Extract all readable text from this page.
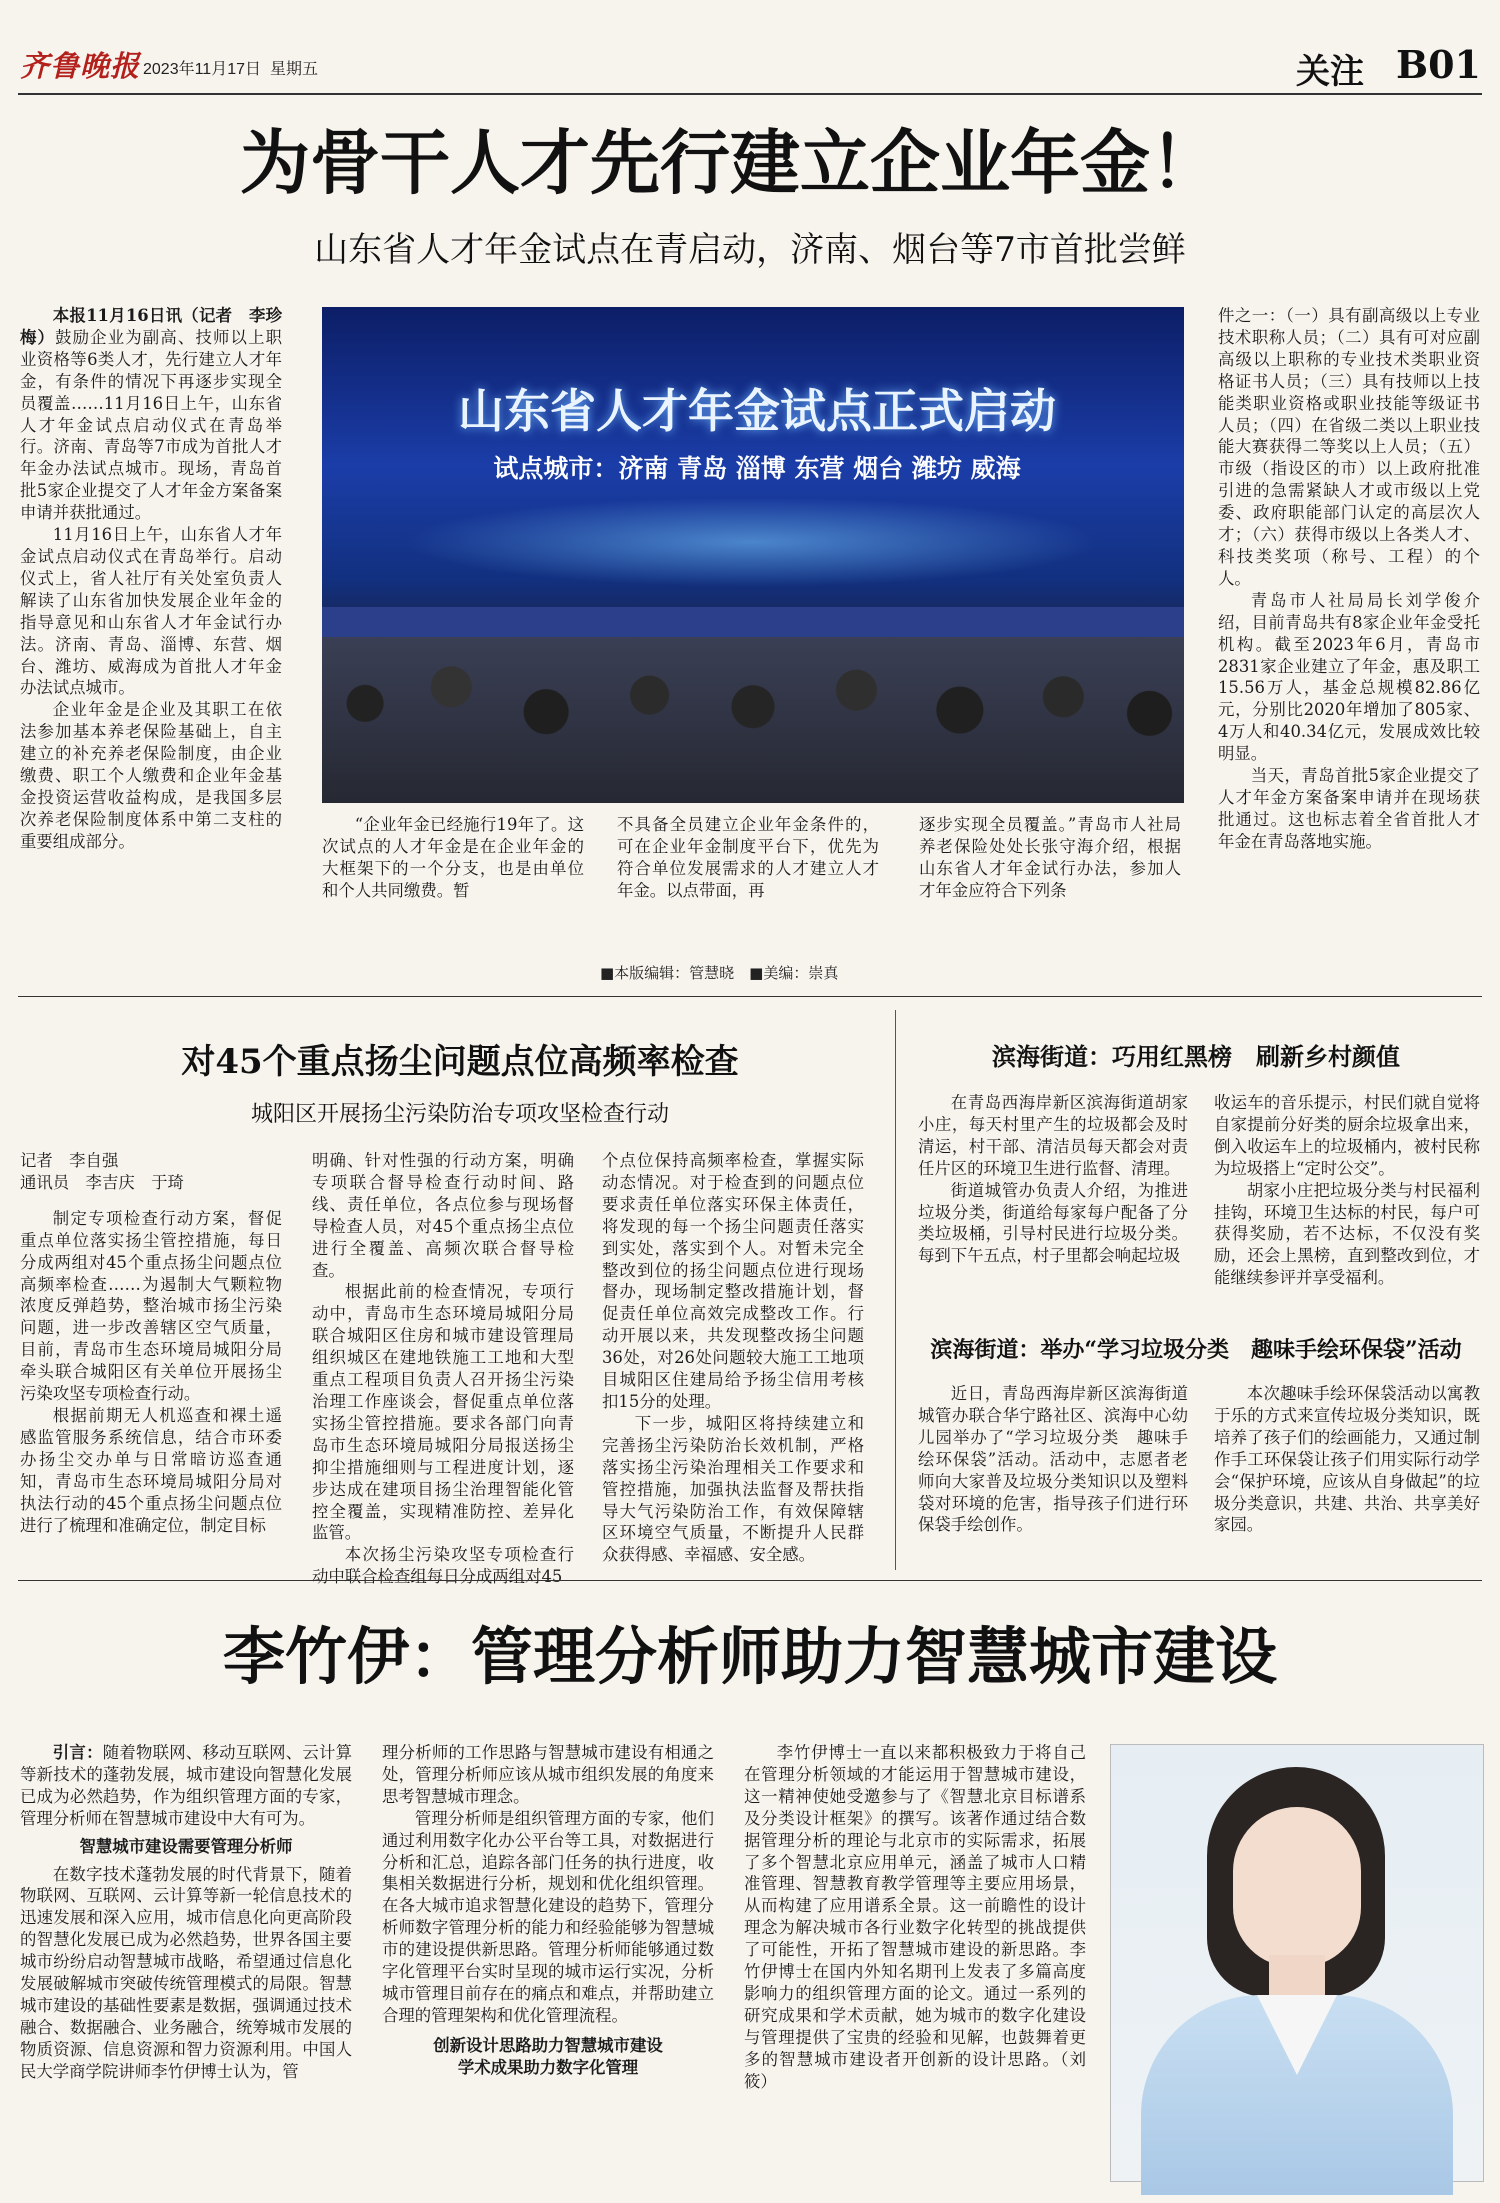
齐鲁晚报 2023年11月17日 星期五	关注 B01
为骨干人才先行建立企业年金！
山东省人才年金试点在青启动，济南、烟台等7市首批尝鲜

本报11月16日讯（记者　李珍梅）鼓励企业为副高、技师以上职业资格等6类人才，先行建立人才年金，有条件的情况下再逐步实现全员覆盖……11月16日上午，山东省人才年金试点启动仪式在青岛举行。济南、青岛等7市成为首批人才年金办法试点城市。现场，青岛首批5家企业提交了人才年金方案备案申请并获批通过。

11月16日上午，山东省人才年金试点启动仪式在青岛举行。启动仪式上，省人社厅有关处室负责人解读了山东省加快发展企业年金的指导意见和山东省人才年金试行办法。济南、青岛、淄博、东营、烟台、潍坊、威海成为首批人才年金办法试点城市。

企业年金是企业及其职工在依法参加基本养老保险基础上，自主建立的补充养老保险制度，由企业缴费、职工个人缴费和企业年金基金投资运营收益构成，是我国多层次养老保险制度体系中第二支柱的重要组成部分。

山东省人才年金试点正式启动
试点城市：济南 青岛 淄博 东营 烟台 潍坊 威海

“企业年金已经施行19年了。这次试点的人才年金是在企业年金的大框架下的一个分支，也是由单位和个人共同缴费。暂

不具备全员建立企业年金条件的，可在企业年金制度平台下，优先为符合单位发展需求的人才建立人才年金。以点带面，再

逐步实现全员覆盖。”青岛市人社局养老保险处处长张守海介绍，根据山东省人才年金试行办法，参加人才年金应符合下列条

件之一：（一）具有副高级以上专业技术职称人员；（二）具有可对应副高级以上职称的专业技术类职业资格证书人员；（三）具有技师以上技能类职业资格或职业技能等级证书人员；（四）在省级二类以上职业技能大赛获得二等奖以上人员；（五）市级（指设区的市）以上政府批准引进的急需紧缺人才或市级以上党委、政府职能部门认定的高层次人才；（六）获得市级以上各类人才、科技类奖项（称号、工程）的个人。

青岛市人社局局长刘学俊介绍，目前青岛共有8家企业年金受托机构。截至2023年6月，青岛市2831家企业建立了年金，惠及职工15.56万人，基金总规模82.86亿元，分别比2020年增加了805家、4万人和40.34亿元，发展成效比较明显。

当天，青岛首批5家企业提交了人才年金方案备案申请并在现场获批通过。这也标志着全省首批人才年金在青岛落地实施。

■本版编辑：管慧晓　■美编：崇真
对45个重点扬尘问题点位高频率检查
城阳区开展扬尘污染防治专项攻坚检查行动

记者　李自强

通讯员　李吉庆　于琦

制定专项检查行动方案，督促重点单位落实扬尘管控措施，每日分成两组对45个重点扬尘问题点位高频率检查……为遏制大气颗粒物浓度反弹趋势，整治城市扬尘污染问题，进一步改善辖区空气质量，目前，青岛市生态环境局城阳分局牵头联合城阳区有关单位开展扬尘污染攻坚专项检查行动。

根据前期无人机巡查和裸土遥感监管服务系统信息，结合市环委办扬尘交办单与日常暗访巡查通知，青岛市生态环境局城阳分局对执法行动的45个重点扬尘问题点位进行了梳理和准确定位，制定目标

明确、针对性强的行动方案，明确专项联合督导检查行动时间、路线、责任单位，各点位参与现场督导检查人员，对45个重点扬尘点位进行全覆盖、高频次联合督导检查。

根据此前的检查情况，专项行动中，青岛市生态环境局城阳分局联合城阳区住房和城市建设管理局组织城区在建地铁施工工地和大型重点工程项目负责人召开扬尘污染治理工作座谈会，督促重点单位落实扬尘管控措施。要求各部门向青岛市生态环境局城阳分局报送扬尘抑尘措施细则与工程进度计划，逐步达成在建项目扬尘治理智能化管控全覆盖，实现精准防控、差异化监管。

本次扬尘污染攻坚专项检查行动中联合检查组每日分成两组对45

个点位保持高频率检查，掌握实际动态情况。对于检查到的问题点位要求责任单位落实环保主体责任，将发现的每一个扬尘问题责任落实到实处，落实到个人。对暂未完全整改到位的扬尘问题点位进行现场督办，现场制定整改措施计划，督促责任单位高效完成整改工作。行动开展以来，共发现整改扬尘问题36处，对26处问题较大施工工地项目城阳区住建局给予扬尘信用考核扣15分的处理。

下一步，城阳区将持续建立和完善扬尘污染防治长效机制，严格落实扬尘污染治理相关工作要求和管控措施，加强执法监督及帮扶指导大气污染防治工作，有效保障辖区环境空气质量，不断提升人民群众获得感、幸福感、安全感。

滨海街道：巧用红黑榜　刷新乡村颜值

在青岛西海岸新区滨海街道胡家小庄，每天村里产生的垃圾都会及时清运，村干部、清洁员每天都会对责任片区的环境卫生进行监督、清理。

街道城管办负责人介绍，为推进垃圾分类，街道给每家每户配备了分类垃圾桶，引导村民进行垃圾分类。每到下午五点，村子里都会响起垃圾

收运车的音乐提示，村民们就自觉将自家提前分好类的厨余垃圾拿出来，倒入收运车上的垃圾桶内，被村民称为垃圾搭上“定时公交”。

胡家小庄把垃圾分类与村民福利挂钩，环境卫生达标的村民，每户可获得奖励，若不达标，不仅没有奖励，还会上黑榜，直到整改到位，才能继续参评并享受福利。

滨海街道：举办“学习垃圾分类　趣味手绘环保袋”活动

近日，青岛西海岸新区滨海街道城管办联合华宁路社区、滨海中心幼儿园举办了“学习垃圾分类　趣味手绘环保袋”活动。活动中，志愿者老师向大家普及垃圾分类知识以及塑料袋对环境的危害，指导孩子们进行环保袋手绘创作。

本次趣味手绘环保袋活动以寓教于乐的方式来宣传垃圾分类知识，既培养了孩子们的绘画能力，又通过制作手工环保袋让孩子们用实际行动学会“保护环境，应该从自身做起”的垃圾分类意识，共建、共治、共享美好家园。

李竹伊：管理分析师助力智慧城市建设

引言：随着物联网、移动互联网、云计算等新技术的蓬勃发展，城市建设向智慧化发展已成为必然趋势，作为组织管理方面的专家，管理分析师在智慧城市建设中大有可为。

智慧城市建设需要管理分析师

在数字技术蓬勃发展的时代背景下，随着物联网、互联网、云计算等新一轮信息技术的迅速发展和深入应用，城市信息化向更高阶段的智慧化发展已成为必然趋势，世界各国主要城市纷纷启动智慧城市战略，希望通过信息化发展破解城市突破传统管理模式的局限。智慧城市建设的基础性要素是数据，强调通过技术融合、数据融合、业务融合，统筹城市发展的物质资源、信息资源和智力资源利用。中国人民大学商学院讲师李竹伊博士认为，管

理分析师的工作思路与智慧城市建设有相通之处，管理分析师应该从城市组织发展的角度来思考智慧城市理念。

管理分析师是组织管理方面的专家，他们通过利用数字化办公平台等工具，对数据进行分析和汇总，追踪各部门任务的执行进度，收集相关数据进行分析，规划和优化组织管理。在各大城市追求智慧化建设的趋势下，管理分析师数字管理分析的能力和经验能够为智慧城市的建设提供新思路。管理分析师能够通过数字化管理平台实时呈现的城市运行实况，分析城市管理目前存在的痛点和难点，并帮助建立合理的管理架构和优化管理流程。

创新设计思路助力智慧城市建设

学术成果助力数字化管理

李竹伊博士一直以来都积极致力于将自己在管理分析领域的才能运用于智慧城市建设，这一精神使她受邀参与了《智慧北京目标谱系及分类设计框架》的撰写。该著作通过结合数据管理分析的理论与北京市的实际需求，拓展了多个智慧北京应用单元，涵盖了城市人口精准管理、智慧教育教学管理等主要应用场景，从而构建了应用谱系全景。这一前瞻性的设计理念为解决城市各行业数字化转型的挑战提供了可能性，开拓了智慧城市建设的新思路。李竹伊博士在国内外知名期刊上发表了多篇高度影响力的组织管理方面的论文。通过一系列的研究成果和学术贡献，她为城市的数字化建设与管理提供了宝贵的经验和见解，也鼓舞着更多的智慧城市建设者开创新的设计思路。（刘筱）
